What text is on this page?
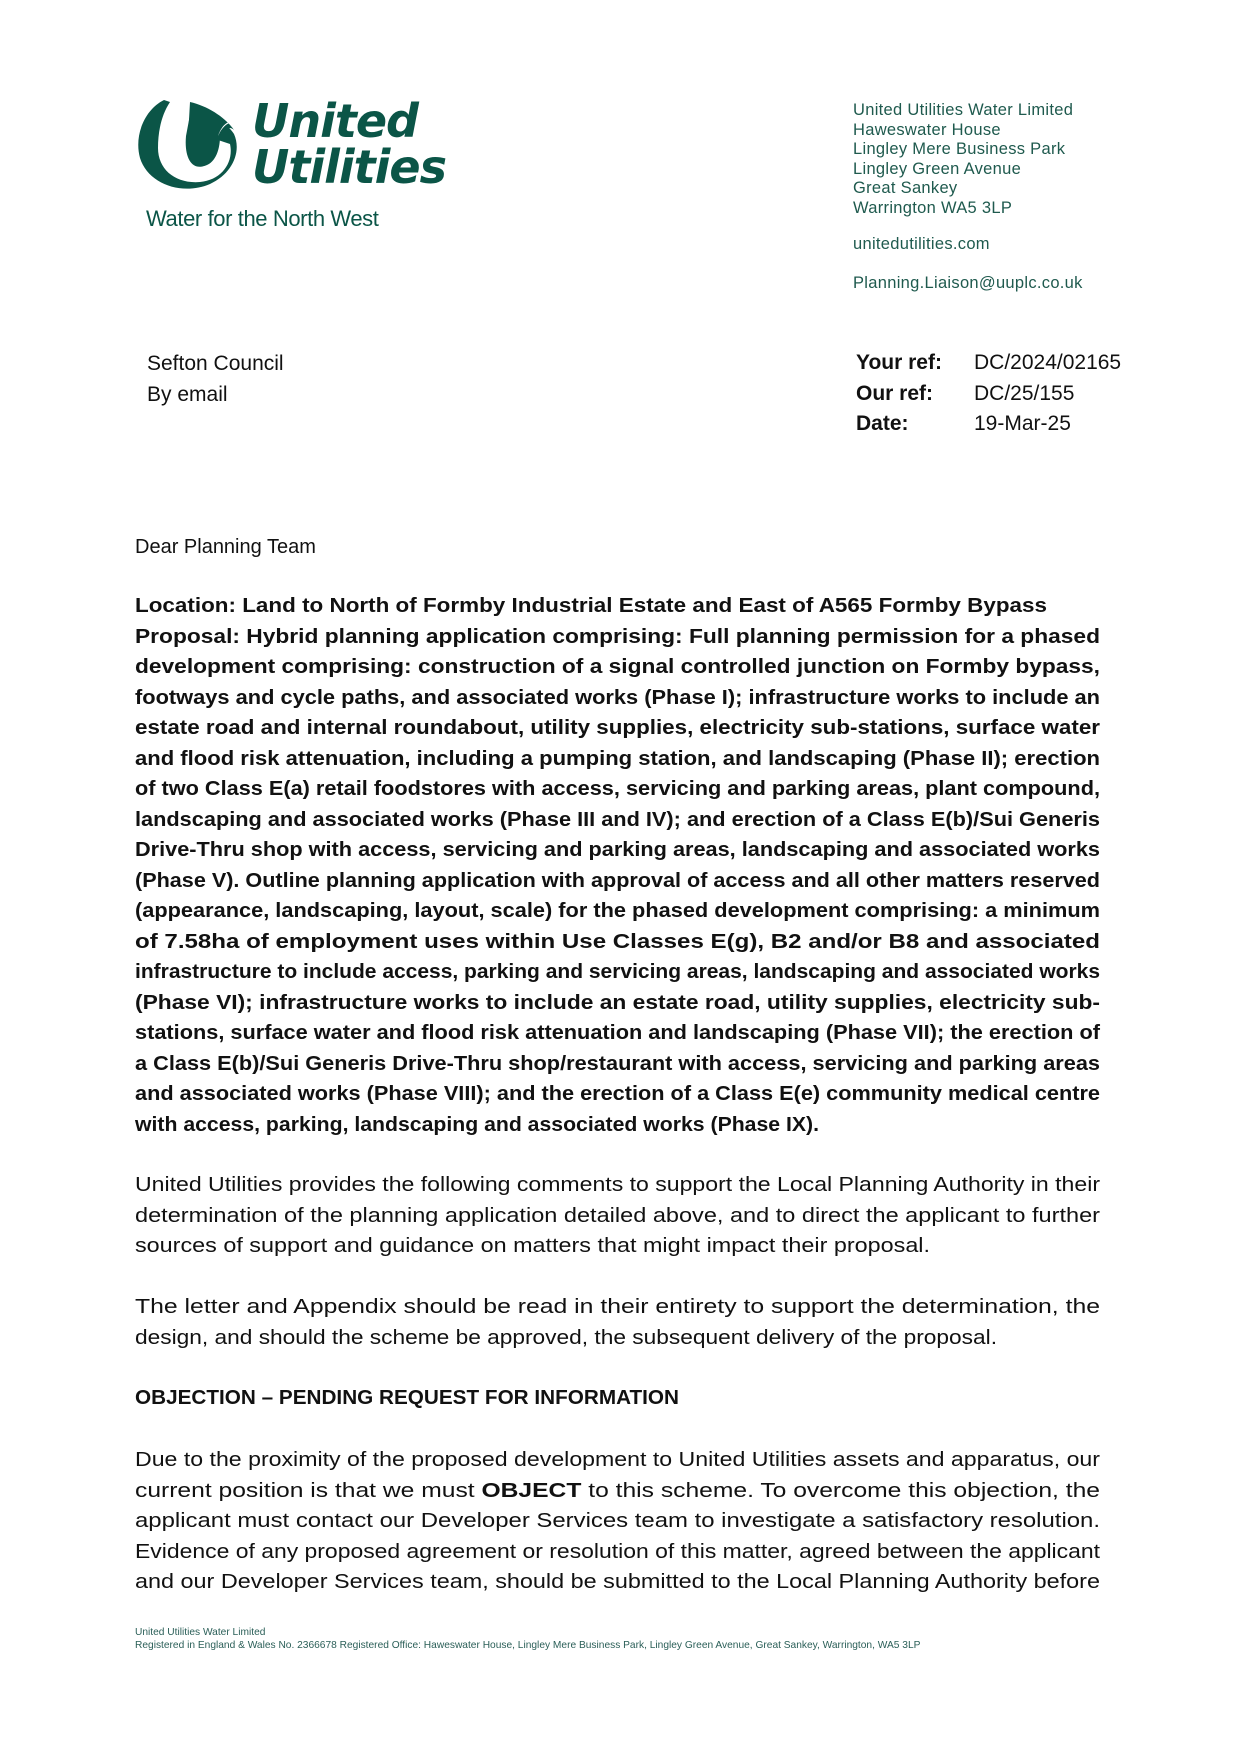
United
Utilities
Water for the North West
United Utilities Water Limited
Haweswater House
Lingley Mere Business Park
Lingley Green Avenue
Great Sankey
Warrington WA5 3LP
unitedutilities.com
Planning.Liaison@uuplc.co.uk
Sefton Council
By email
Your ref:	DC/2024/02165
Our ref:	DC/25/155
Date:	19-Mar-25
Dear Planning Team
Location: Land to North of Formby Industrial Estate and East of A565 Formby Bypass
Proposal: Hybrid planning application comprising: Full planning permission for a phased
development comprising: construction of a signal controlled junction on Formby bypass,
footways and cycle paths, and associated works (Phase I); infrastructure works to include an
estate road and internal roundabout, utility supplies, electricity sub-stations, surface water
and flood risk attenuation, including a pumping station, and landscaping (Phase II); erection
of two Class E(a) retail foodstores with access, servicing and parking areas, plant compound,
landscaping and associated works (Phase III and IV); and erection of a Class E(b)/Sui Generis
Drive-Thru shop with access, servicing and parking areas, landscaping and associated works
(Phase V). Outline planning application with approval of access and all other matters reserved
(appearance, landscaping, layout, scale) for the phased development comprising: a minimum
of 7.58ha of employment uses within Use Classes E(g), B2 and/or B8 and associated
infrastructure to include access, parking and servicing areas, landscaping and associated works
(Phase VI); infrastructure works to include an estate road, utility supplies, electricity sub-
stations, surface water and flood risk attenuation and landscaping (Phase VII); the erection of
a Class E(b)/Sui Generis Drive-Thru shop/restaurant with access, servicing and parking areas
and associated works (Phase VIII); and the erection of a Class E(e) community medical centre
with access, parking, landscaping and associated works (Phase IX).
United Utilities provides the following comments to support the Local Planning Authority in their
determination of the planning application detailed above, and to direct the applicant to further
sources of support and guidance on matters that might impact their proposal.
The letter and Appendix should be read in their entirety to support the determination, the
design, and should the scheme be approved, the subsequent delivery of the proposal.
OBJECTION – PENDING REQUEST FOR INFORMATION
Due to the proximity of the proposed development to United Utilities assets and apparatus, our
current position is that we must OBJECT to this scheme. To overcome this objection, the
applicant must contact our Developer Services team to investigate a satisfactory resolution.
Evidence of any proposed agreement or resolution of this matter, agreed between the applicant
and our Developer Services team, should be submitted to the Local Planning Authority before
United Utilities Water Limited
Registered in England & Wales No. 2366678 Registered Office: Haweswater House, Lingley Mere Business Park, Lingley Green Avenue, Great Sankey, Warrington, WA5 3LP
